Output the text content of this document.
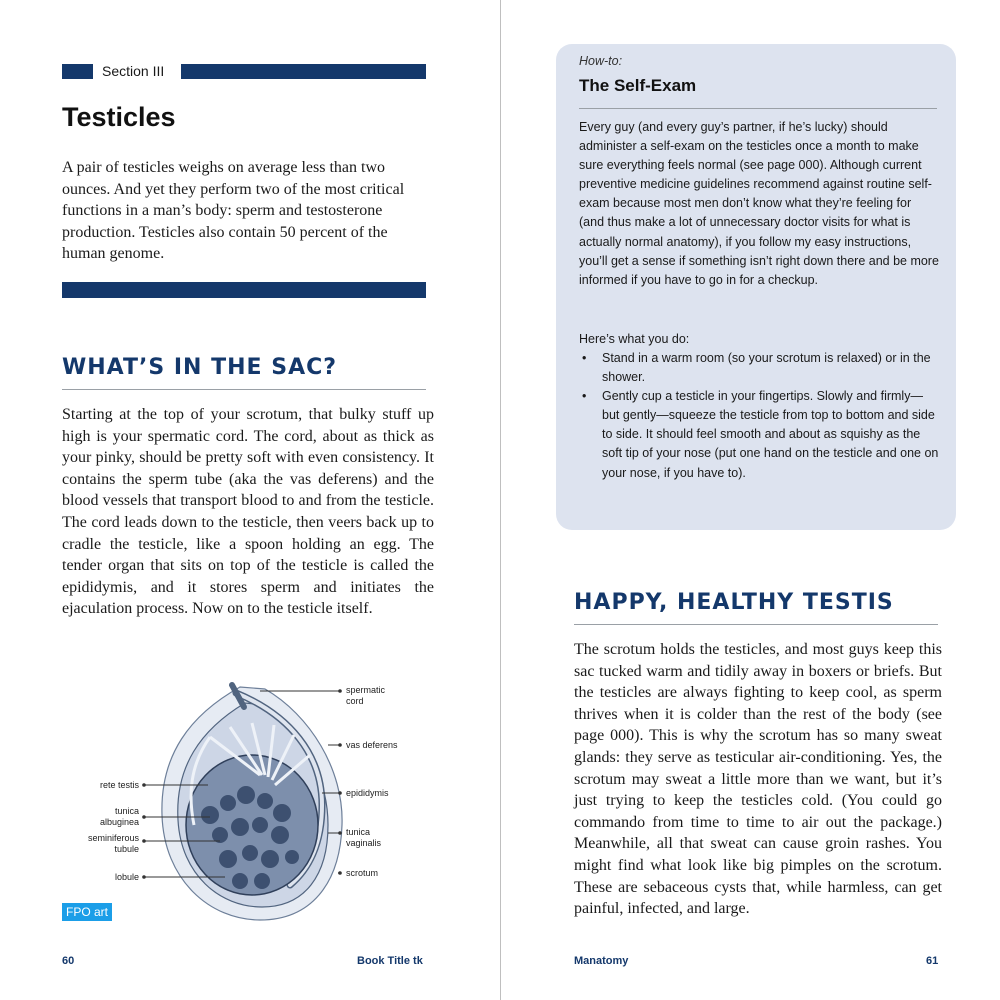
Section III
Testicles

A pair of testicles weighs on average less than two ounces. And yet they perform two of the most critical functions in a man’s body: sperm and testosterone production. Testicles also contain 50 percent of the human genome.

WHAT’S IN THE SAC?

Starting at the top of your scrotum, that bulky stuff up high is your spermatic cord. The cord, about as thick as your pinky, should be pretty soft with even consistency. It contains the sperm tube (aka the vas deferens) and the blood vessels that transport blood to and from the testicle. The cord leads down to the testicle, then veers back up to cradle the testicle, like a spoon holding an egg. The tender organ that sits on top of the testicle is called the epididymis, and it stores sperm and initiates the ejaculation process. Now on to the testicle itself.

spermatic
cord
vas deferens
epididymis
tunica
vaginalis
scrotum
rete testis
tunica
albuginea
seminiferous
tubule
lobule
FPO art
60	Book Title tk
How-to:
The Self-Exam

Every guy (and every guy’s partner, if he’s lucky) should administer a self-exam on the testicles once a month to make sure everything feels normal (see page 000). Although current preventive medicine guidelines recommend against routine self-exam because most men don’t know what they’re feeling for (and thus make a lot of unnecessary doctor visits for what is actually normal anatomy), if you follow my easy instructions, you’ll get a sense if something isn’t right down there and be more informed if you have to go in for a checkup.

Here’s what you do:

• Stand in a warm room (so your scrotum is relaxed) or in the shower.
• Gently cup a testicle in your fingertips. Slowly and firmly—but gently—squeeze the testicle from top to bottom and side to side. It should feel smooth and about as squishy as the soft tip of your nose (put one hand on the testicle and one on your nose, if you have to).
HAPPY, HEALTHY TESTIS

The scrotum holds the testicles, and most guys keep this sac tucked warm and tidily away in boxers or briefs. But the testicles are always fighting to keep cool, as sperm thrives when it is colder than the rest of the body (see page 000). This is why the scrotum has so many sweat glands: they serve as testicular air-conditioning. Yes, the scrotum may sweat a little more than we want, but it’s just trying to keep the testicles cold. (You could go commando from time to time to air out the package.) Meanwhile, all that sweat can cause groin rashes. You might find what look like big pimples on the scrotum. These are sebaceous cysts that, while harmless, can get painful, infected, and large.

Manatomy	61
